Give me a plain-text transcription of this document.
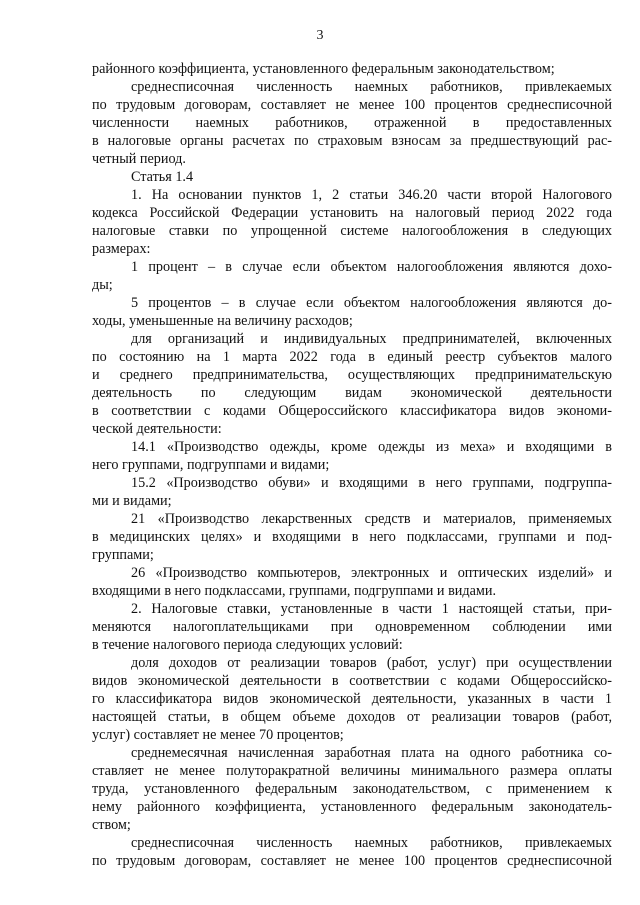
3
районного коэффициента, установленного федеральным законодательством;
среднесписочная численность наемных работников, привлекаемых
по трудовым договорам, составляет не менее 100 процентов среднесписочной
численности наемных работников, отраженной в предоставленных
в налоговые органы расчетах по страховым взносам за предшествующий рас-
четный период.
Статья 1.4
1. На основании пунктов 1, 2 статьи 346.20 части второй Налогового
кодекса Российской Федерации установить на налоговый период 2022 года
налоговые ставки по упрощенной системе налогообложения в следующих
размерах:
1 процент – в случае если объектом налогообложения являются дохо-
ды;
5 процентов – в случае если объектом налогообложения являются до-
ходы, уменьшенные на величину расходов;
для организаций и индивидуальных предпринимателей, включенных
по состоянию на 1 марта 2022 года в единый реестр субъектов малого
и среднего предпринимательства, осуществляющих предпринимательскую
деятельность по следующим видам экономической деятельности
в соответствии с кодами Общероссийского классификатора видов экономи-
ческой деятельности:
14.1 «Производство одежды, кроме одежды из меха» и входящими в
него группами, подгруппами и видами;
15.2 «Производство обуви» и входящими в него группами, подгруппа-
ми и видами;
21 «Производство лекарственных средств и материалов, применяемых
в медицинских целях» и входящими в него подклассами, группами и под-
группами;
26 «Производство компьютеров, электронных и оптических изделий» и
входящими в него подклассами, группами, подгруппами и видами.
2. Налоговые ставки, установленные в части 1 настоящей статьи, при-
меняются налогоплательщиками при одновременном соблюдении ими
в течение налогового периода следующих условий:
доля доходов от реализации товаров (работ, услуг) при осуществлении
видов экономической деятельности в соответствии с кодами Общероссийско-
го классификатора видов экономической деятельности, указанных в части 1
настоящей статьи, в общем объеме доходов от реализации товаров (работ,
услуг) составляет не менее 70 процентов;
среднемесячная начисленная заработная плата на одного работника со-
ставляет не менее полуторакратной величины минимального размера оплаты
труда, установленного федеральным законодательством, с применением к
нему районного коэффициента, установленного федеральным законодатель-
ством;
среднесписочная численность наемных работников, привлекаемых
по трудовым договорам, составляет не менее 100 процентов среднесписочной
